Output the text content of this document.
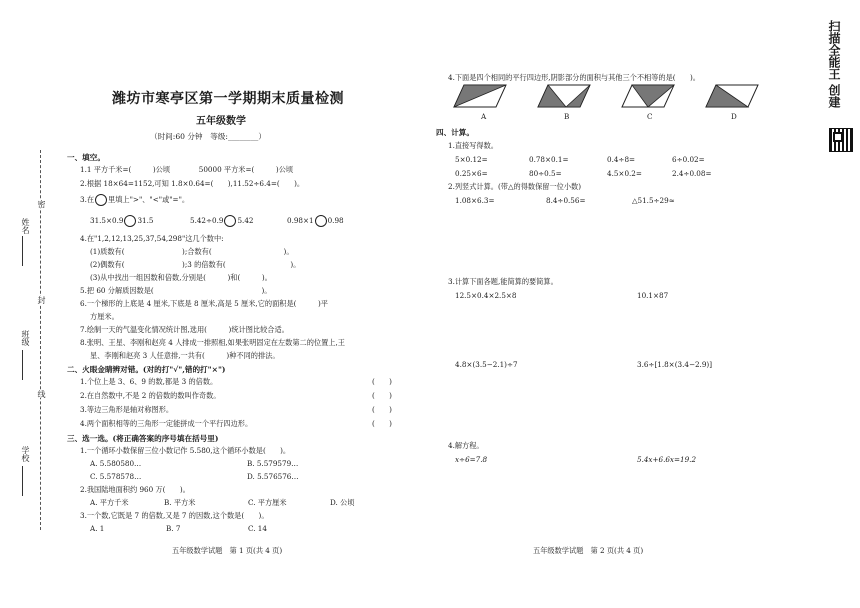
姓名
密
封
班级
线
学校
扫描全能王 创建
潍坊市寒亭区第一学期期末质量检测
五年级数学
（时间:60 分钟　等级:________）
一、填空。
1.1 平方千米=(　　　)公顷　　　　50000 平方米=(　　　)公顷
2.根据 18×64=1152,可知 1.8×0.64=(　　),11.52÷6.4=(　　)。
3.在 里填上">"、"<"或"="。
31.5×0.9 31.5	5.42÷0.9 5.42	0.98×1 0.98
4.在"1,2,12,13,25,37,54,298"这几个数中:
(1)质数有(　　　　　　　　);合数有(　　　　　　　　　　)。
(2)偶数有(　　　　　　　　);3 的倍数有(　　　　　　　　　)。
(3)从中找出一组因数和倍数,分别是(　　　)和(　　　)。
5.把 60 分解质因数是(　　　　　　　　　　　　　　　)。
6.一个梯形的上底是 4 厘米,下底是 8 厘米,高是 5 厘米,它的面积是(　　　)平
方厘米。
7.绘制一天的气温变化情况统计图,选用(　　　)统计图比较合适。
8.张明、王星、李刚和赵亮 4 人排成一排照相,如果张明固定在左数第二的位置上,王
星、李刚和赵亮 3 人任意排,一共有(　　　)种不同的排法。
二、火眼金睛辨对错。(对的打"√",错的打"×")
1.个位上是 3、6、9 的数,都是 3 的倍数。	(　　)
2.在自然数中,不是 2 的倍数的数叫作奇数。	(　　)
3.等边三角形是轴对称图形。	(　　)
4.两个面积相等的三角形一定能拼成一个平行四边形。	(　　)
三、选一选。(将正确答案的序号填在括号里)
1.一个循环小数保留三位小数记作 5.580,这个循环小数是(　　)。
A. 5.580580…	B. 5.579579…
C. 5.578578…	D. 5.576576…
2.我国陆地面积约 960 万(　　)。
A. 平方千米	B. 平方米	C. 平方厘米	D. 公顷
3.一个数,它既是 7 的倍数,又是 7 的因数,这个数是(　　)。
A. 1	B. 7	C. 14
五年级数学试题　第 1 页(共 4 页)
4.下面是四个相同的平行四边形,阴影部分的面积与其他三个不相等的是(　　)。
A	B	C	D
四、计算。
1.直接写得数。
5×0.12=	0.78×0.1=	0.4÷8=	6÷0.02=
0.25×6=	80÷0.5=	4.5×0.2=	2.4÷0.08=
2.列竖式计算。(带△的得数保留一位小数)
1.08×6.3=	8.4÷0.56=	△51.5÷29≈
3.计算下面各题,能简算的要简算。
12.5×0.4×2.5×8	10.1×87
4.8×(3.5−2.1)÷7	3.6÷[1.8×(3.4−2.9)]
4.解方程。
x÷6=7.8	5.4x+6.6x=19.2
五年级数学试题　第 2 页(共 4 页)
